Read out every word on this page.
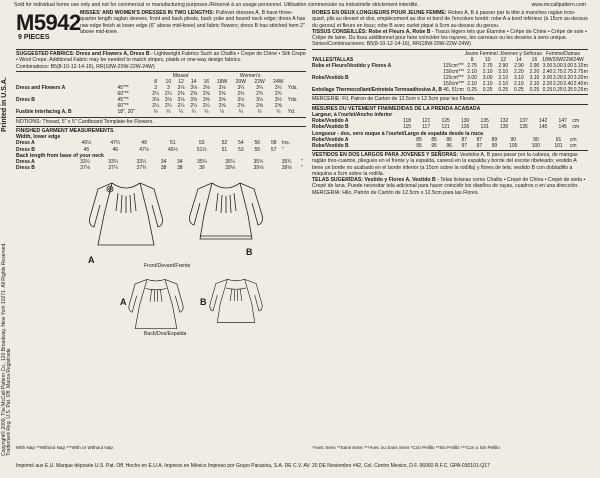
Sold for individual home use only and not for commercial or manufacturing purposes./Réservé à un usage personnel. Utilisation commerciale ou industrielle strictement interdite.	www.mccallpattern.com
Copyright© 2009, The McCall Pattern Co., 120 Broadway, New York 10271. All Rights Reserved. Trademark Reg. U.S. Pat. Off. Marca Registrada
Printed in U.S.A.
M5942
9 PIECES
MISSES' AND WOMEN'S DRESSES IN TWO LENGTHS: Pullover dresses A, B have three-quarter length raglan sleeves, front and back pleats, back yoke and bound neck edge; dress A has raw edge finish at lower edge (6" above mid-knee) and fabric flowers; dress B has stitched hem 2" above mid-knee.
SUGGESTED FABRICS: Dress and Flowers A, Dress B - Lightweight Fabrics Such as Challis • Crepe de Chine • Silk Crepe • Wool Crepe. Additional Fabric may be needed to match stripes, plaids or one-way design fabrics.
Combinations: B5(8-10-12-14-16), RR(18W-20W-22W-24W)
		Misses'					Women's				
		8	10	12	14	16	18W	20W	22W	24W	
Dress and Flowers A	45"**	3	3	3⅛	3⅛	3⅛	3⅛	3¼	3¼	3¼	Yds.
	60"**	2¼	2¼	2⅜	2⅜	2⅜	2⅝	2¾	2¾	2¾	
Dress B	45"**	3⅛	3⅛	3⅛	3⅜	3⅜	3⅝	3½	3½	3½	Yds.
	60"**	2¼	2¼	2¼	2¼	2¼	2⅝	2⅝	2⅝	2⅝	
Fusible Interfacing A, B	18", 20"	¼	¼	¼	¼	¼	¼	¼	¼	¼	Yd.
NOTIONS: Thread, 5" x 5" Cardboard Template-for Flowers.
FINISHED GARMENT MEASUREMENTS
Width, lower edge
Dress A	46½	47½	49	51	53	52	54	56	58	Ins.
Dress B	45	46	47½	49½	51½	51	53	55	57	"
Back length from base of your neck
Dress A	33¼	33¼	33¼	34	34	35¼	35¼	35¾	35¾	"
Dress B	37⅛	37¼	37¾	38	38	39	39⅛	39⅛	39⅛	"
A
B
Front/Devant/Frente
A	B
Back/Dos/Espalda
With Nap **Without Nap ***With or Without Nap
ROBES EN DEUX LONGUEURS POUR JEUNE FEMME: Robes A, B à passer par la tête à manches raglan trois-quart, plis au devant et dos, empiècement au dos et bord de l'encolure bordé; robe A a bord inférieur (à 15cm au-dessus du genou) et fleurs en tissu; robe B avec ourlet piqué à 5cm au-dessus du genou.
TISSUS CONSEILLÉS: Robe et Fleurs A, Robe B - Tissus légers tels que Étamine • Crêpe de Chine • Crêpe de soie • Crêpe de laine. Du tissu additionnel pour faire coïncider les rayures, les carreaux ou les dessins à sens unique.
Séries/Combinaciones: B5(8-10-12-14-16), RR(18W-20W-22W-24W)
		Jeune Femme/ Jóvenes y Señoras					Femme/Damas				
TAILLES/TALLAS		8	10	12	14	16	18W	20W	22W	24W	
Robe et Fleurs/Vestido y Flores A	115cm***	2.75	2.75	2.90	2.90	2.90	3.00	3.00	3.00	3.10	m
	150cm***	2.10	2.10	2.10	2.20	2.20	2.40	2.75	2.75	2.75	m
Robe/Vestido B	115cm***	3.00	3.00	3.10	3.10	3.10	3.00	3.20	3.20	3.20	m
	150cm***	2.10	2.10	2.10	2.10	2.10	2.20	2.20	2.40	2.40	m
Entoilage Thermocollant/Entretela Termoadhesiva A, B	46, 51cm	0.25	0.25	0.25	0.25	0.25	0.25	0.25	0.25	0.25	m
MERCERIE: Fil, Patron de Carton de 12.5cm x 12.5cm pour les Fleurs.
MESURES DU VETEMENT FINI/MEDIDAS DE LA PRENDA ACABADA
Largeur, à l'ourlet/Ancho inferior
Robe/Vestido A	118	121	125	130	135	132	137	142	147	cm
Robe/Vestido B	115	117	121	126	131	130	135	140	145	cm
Longueur - dos, vers nuque à l'ourlet/Largo de espalda desde la nuca
Robe/Vestido A	85	85	86	87	87	89	90	90	91	cm
Robe/Vestido B	95	95	96	97	97	99	100	100	101	cm
VESTIDOS EN DOS LARGOS PARA JOVENES Y SEÑORAS: Vestidos A, B para pasar por la cabeza, de mangas raglán tres-cuartos, pliegues en el frente y la espalda, canesú en la espalda y borde del escote ribeteado; vestido A tiene un borde no acabado en el borde inferior (a 15cm sobre la rodilla) y flores de tela; vestido B con dobladillo a máquina a 5cm sobre la rodilla.
TELAS SUGERIDAS: Vestido y Flores A, Vestido B - Telas livianas como Challis • Crepé de China • Crepé de seda • Crepé de lana. Puede necesitar tela adicional para hacer coincidir los diseños de rayas, cuadros o en una dirección.
MERCERIA: Hilo, Patrón de Cartón de 12.5cm x 12.5cm para las Flores.
*Avec Sens **Sans Sens ***Avec ou Sans Sens *Con Pelillo **Sin Pelillo ***Con o Sin Pelillo
Imprimé aux E.U. Marque déposée U.S. Pat. Off. Hecho en E.U.A. Impreso en México Impreso por Grupo Parasina, S.A. DE C.V. AV. 20 DE Noviembre #42, Col. Centro Mexico, D.F. 06060 R.F.C. GPA-030101-Q17
